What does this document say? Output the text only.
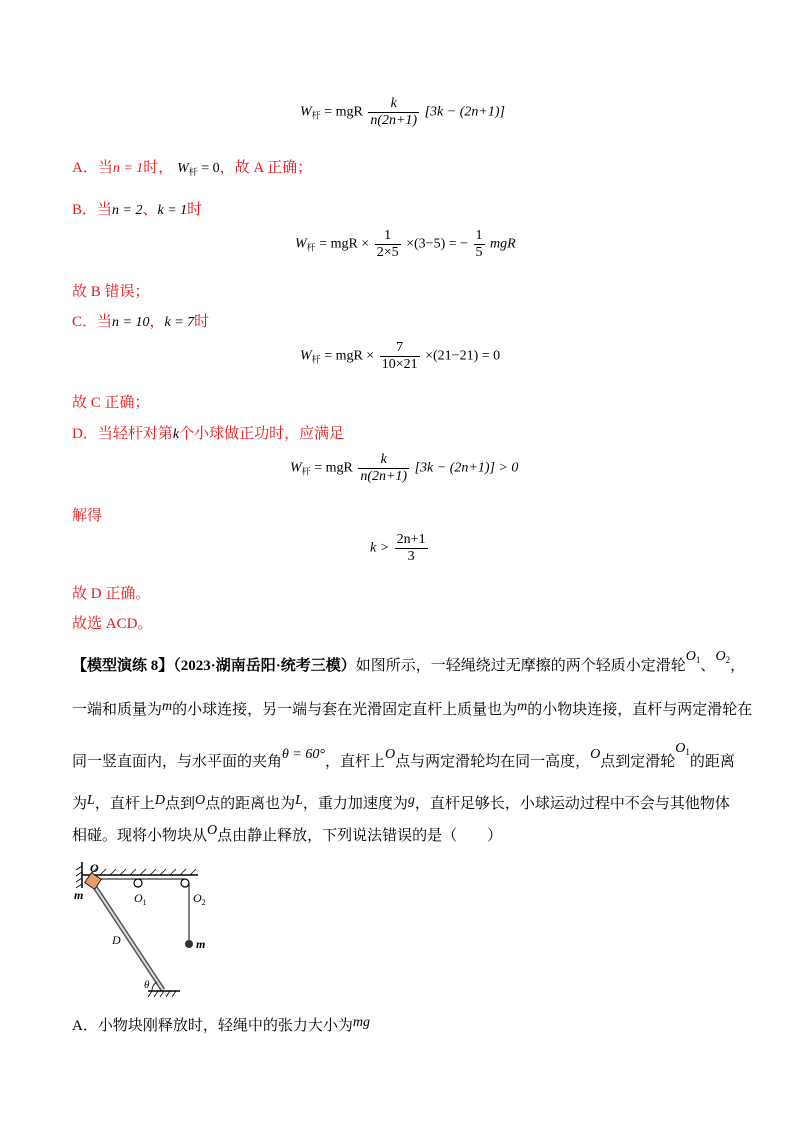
$W_杆$ = mgR $\frac{k}{n(2n+1)} [3k - (2n+1)]$
A．当n = 1时， $W_杆 = 0$，故 A 正确；
B．当n = 2、k = 1时
$W_杆$ = mgR × $\frac{1}{2\times 5} \times(3-5)$ = − $\frac{1}{5}$ mgR
故 B 错误；
C．当n = 10，k = 7时
$W_杆$ = mgR × $\frac{7}{10\times 21} \times(21-21) = 0$
故 C 正确；
D．当轻杆对第k个小球做正功时，应满足
$W_杆$ = mgR $\frac{k}{n(2n+1)} [3k - (2n+1)] > 0$
解得
$k > \frac{2n+1}{3}$
故 D 正确。
故选 ACD。
【模型演练 8】（2023·湖南岳阳·统考三模）如图所示，一轻绳绕过无摩擦的两个轻质小定滑轮$O_1$、$O_2$，
一端和质量为m的小球连接，另一端与套在光滑固定直杆上质量也为m的小物块连接，直杆与两定滑轮在
同一竖直面内，与水平面的夹角θ = 60°，直杆上O点与两定滑轮均在同一高度，O点到定滑轮$O_1$的距离
为L，直杆上D点到O点的距离也为L，重力加速度为g，直杆足够长，小球运动过程中不会与其他物体
相碰。现将小物块从O点由静止释放，下列说法错误的是（　　）
O
m	$O_1$	$O_2$
D	m
θ
A．小物块刚释放时，轻绳中的张力大小为mg
